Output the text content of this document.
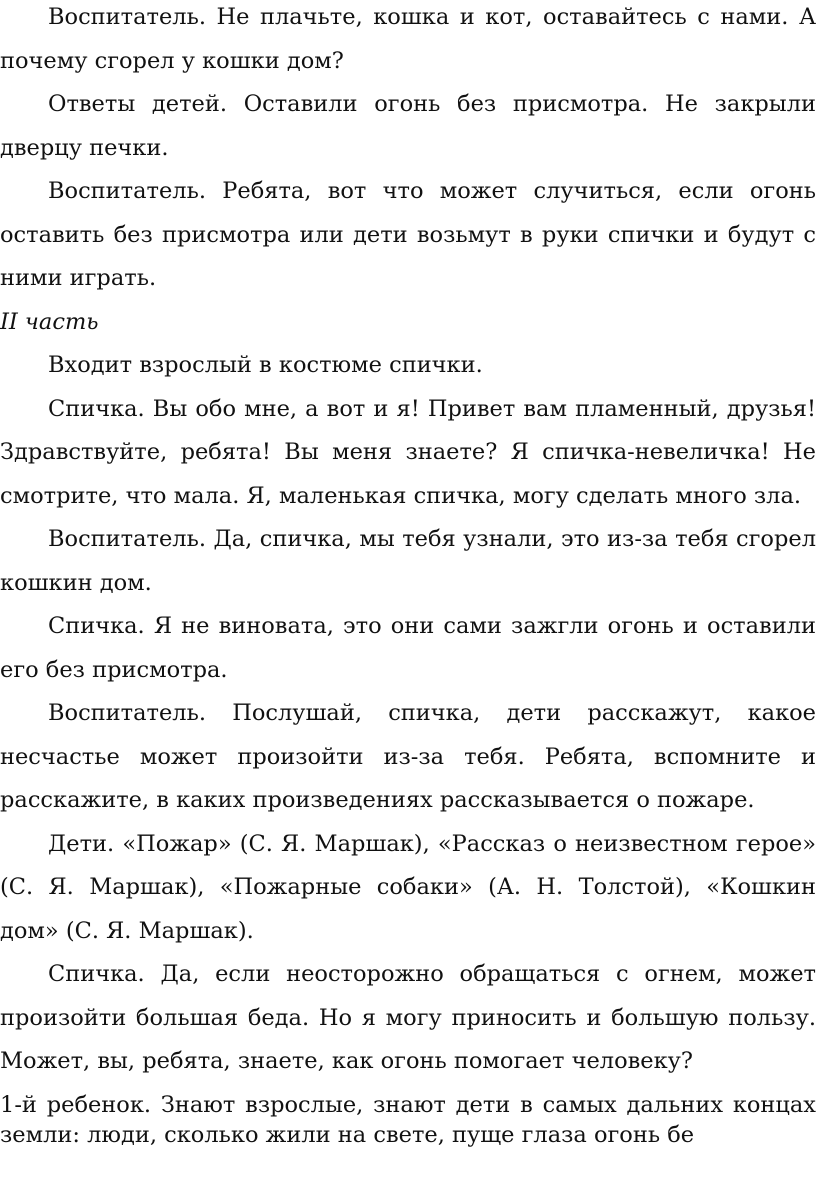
Воспитатель. Не плачьте, кошка и кот, оставайтесь с нами. А почему сгорел у кошки дом?

Ответы детей. Оставили огонь без присмотра. Не закрыли дверцу печки.

Воспитатель. Ребята, вот что может случиться, если огонь оставить без присмотра или дети возьмут в руки спички и будут с ними играть.

II часть

Входит взрослый в костюме спички.

Спичка. Вы обо мне, а вот и я! Привет вам пламенный, друзья! Здравствуйте, ребята! Вы меня знаете? Я спичка-невеличка! Не смотрите, что мала. Я, маленькая спичка, могу сделать много зла.

Воспитатель. Да, спичка, мы тебя узнали, это из-за тебя сгорел кошкин дом.

Спичка. Я не виновата, это они сами зажгли огонь и оставили его без присмотра.

Воспитатель. Послушай, спичка, дети расскажут, какое несчастье может произойти из-за тебя. Ребята, вспомните и расскажите, в каких произведениях рассказывается о пожаре.

Дети. «Пожар» (С. Я. Маршак), «Рассказ о неизвестном герое» (С. Я. Маршак), «Пожарные собаки» (А. Н. Толстой), «Кошкин дом» (С. Я. Маршак).

Спичка. Да, если неосторожно обращаться с огнем, может произойти большая беда. Но я могу приносить и большую пользу. Может, вы, ребята, знаете, как огонь помогает человеку?

1-й ребенок. Знают взрослые, знают дети в самых дальних концах земли: люди, сколько жили на свете, пуще глаза огонь бе
